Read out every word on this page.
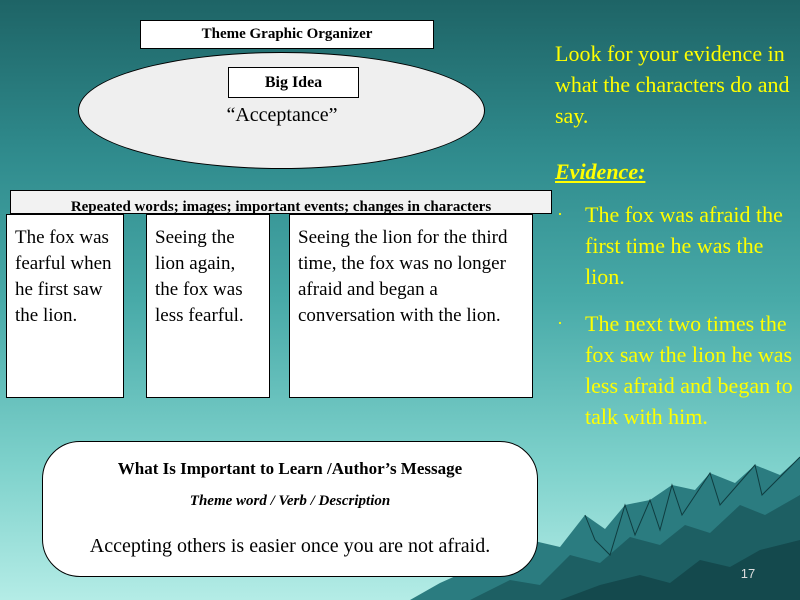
Theme Graphic Organizer
Big Idea
“Acceptance”
The fox was fearful when he first saw the lion.
Seeing the lion again, the fox was less fearful.
Seeing the lion for the third time, the fox was no longer afraid and began a conversation with the lion.
Repeated words; images; important events; changes in characters
What Is Important to Learn /Author’s Message
Theme word / Verb / Description
Accepting others is easier once you are not afraid.
Look for your evidence in what the characters do and say.
Evidence:
· The fox was afraid the first time he was the lion.
· The next two times the fox saw the lion he was less afraid and began to talk with him.
17
